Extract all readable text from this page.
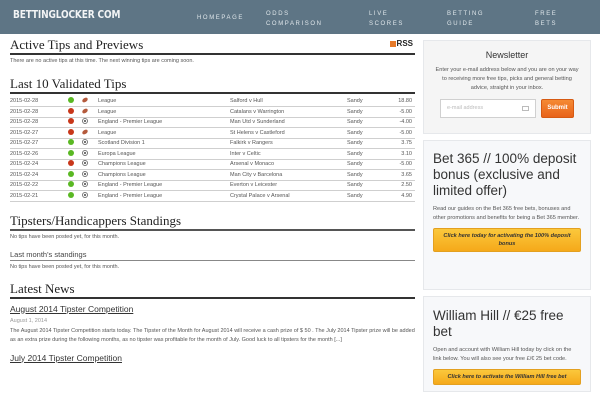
BETTINGLOCKER COM	HOMEPAGE
ODDS
COMPARISON
LIVE
SCORES
BETTING
GUIDE
FREE
BETS
Active Tips and Previews	RSS
There are no active tips at this time. The next winning tips are coming soon.
Last 10 Validated Tips
2015-02-28			League	Salford v Hull	Sandy	18.80
2015-02-28			League	Catalans v Warrington	Sandy	-5.00
2015-02-28			England - Premier League	Man Utd v Sunderland	Sandy	-4.00
2015-02-27			League	St Helens v Castleford	Sandy	-5.00
2015-02-27			Scotland Division 1	Falkirk v Rangers	Sandy	3.75
2015-02-26			Europa League	Inter v Celtic	Sandy	3.10
2015-02-24			Champions League	Arsenal v Monaco	Sandy	-5.00
2015-02-24			Champions League	Man City v Barcelona	Sandy	3.65
2015-02-22			England - Premier League	Everton v Leicester	Sandy	2.50
2015-02-21			England - Premier League	Crystal Palace v Arsenal	Sandy	4.90
Tipsters/Handicappers Standings
No tips have been posted yet, for this month.
Last month's standings
No tips have been posted yet, for this month.
Latest News
August 2014 Tipster Competition
August 1, 2014
The August 2014 Tipster Competition starts today. The Tipster of the Month for August 2014 will receive a cash prize of $ 50 . The July 2014 Tipster prize will be added as an extra prize during the following months, as no tipster was profitable for the month of July. Good luck to all tipsters for the month [...]
July 2014 Tipster Competition
Newsletter
Enter your e-mail address below and you are on your way to receiving more free tips, picks and general betting advice, straight in your inbox.
e-mail address	Submit
Bet 365 // 100% deposit bonus (exclusive and limited offer)
Read our guides on the Bet 365 free bets, bonuses and other promotions and benefits for being a Bet 365 member.
Click here today for activating the 100% deposit bonus
William Hill // €25 free bet
Open and account with William Hill today by click on the link below. You will also see your free £/€ 25 bet code.
Click here to activate the William Hill free bet
